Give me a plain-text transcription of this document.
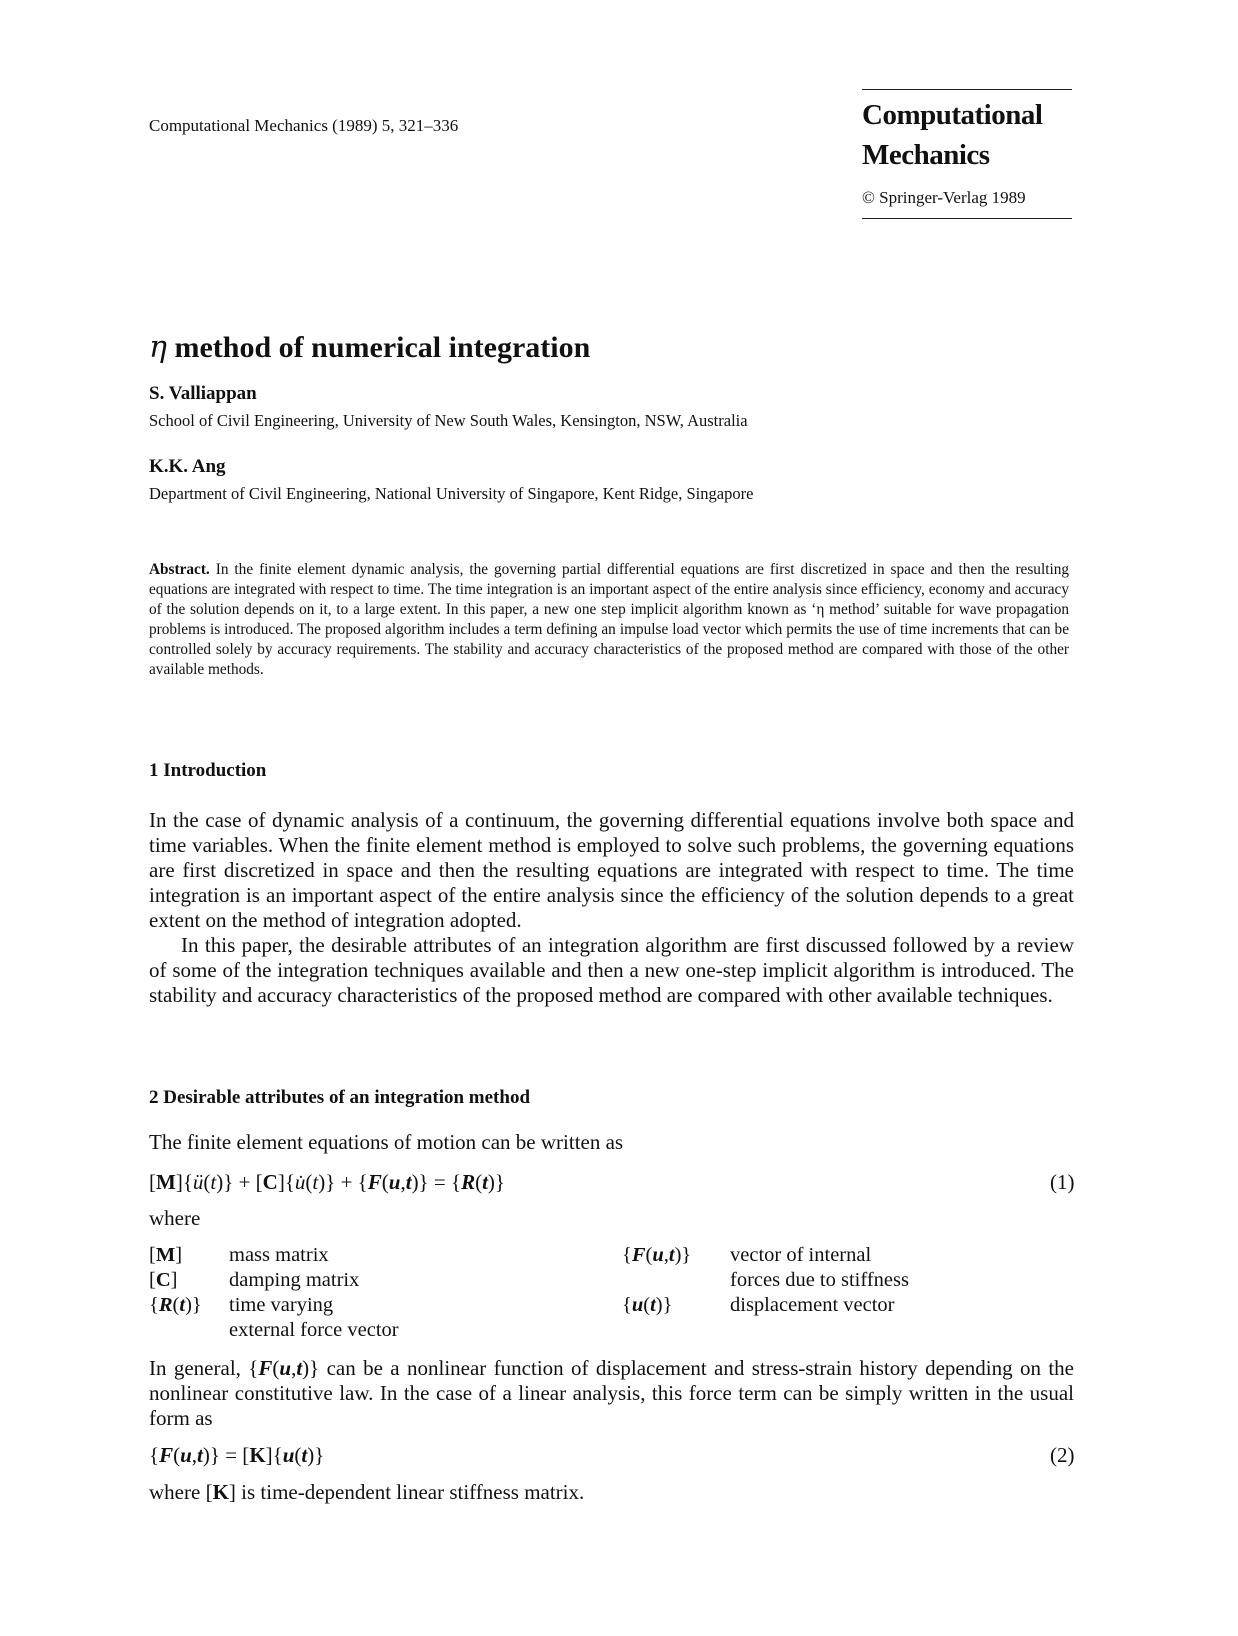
Computational Mechanics (1989) 5, 321–336	Computational
Mechanics
© Springer-Verlag 1989
η method of numerical integration
S. Valliappan
School of Civil Engineering, University of New South Wales, Kensington, NSW, Australia
K.K. Ang
Department of Civil Engineering, National University of Singapore, Kent Ridge, Singapore
Abstract. In the finite element dynamic analysis, the governing partial differential equations are first discretized in space and then the resulting equations are integrated with respect to time. The time integration is an important aspect of the entire analysis since efficiency, economy and accuracy of the solution depends on it, to a large extent. In this paper, a new one step implicit algorithm known as ‘η method’ suitable for wave propagation problems is introduced. The proposed algorithm includes a term defining an impulse load vector which permits the use of time increments that can be controlled solely by accuracy requirements. The stability and accuracy characteristics of the proposed method are compared with those of the other available methods.
1 Introduction

In the case of dynamic analysis of a continuum, the governing differential equations involve both space and time variables. When the finite element method is employed to solve such problems, the governing equations are first discretized in space and then the resulting equations are integrated with respect to time. The time integration is an important aspect of the entire analysis since the efficiency of the solution depends to a great extent on the method of integration adopted.

In this paper, the desirable attributes of an integration algorithm are first discussed followed by a review of some of the integration techniques available and then a new one-step implicit algorithm is introduced. The stability and accuracy characteristics of the proposed method are compared with other available techniques.

2 Desirable attributes of an integration method
The finite element equations of motion can be written as
[M]{ü(t)} + [C]{u̇(t)} + {F(u,t)} = {R(t)}	(1)
where
[M]	mass matrix
[C]	damping matrix
{R(t)}	time varying
	external force vector
{F(u,t)}	vector of internal
	forces due to stiffness
{u(t)}	displacement vector
In general, {F(u,t)} can be a nonlinear function of displacement and stress-strain history depending on the nonlinear constitutive law. In the case of a linear analysis, this force term can be simply written in the usual form as
{F(u,t)} = [K]{u(t)}	(2)
where [K] is time-dependent linear stiffness matrix.
